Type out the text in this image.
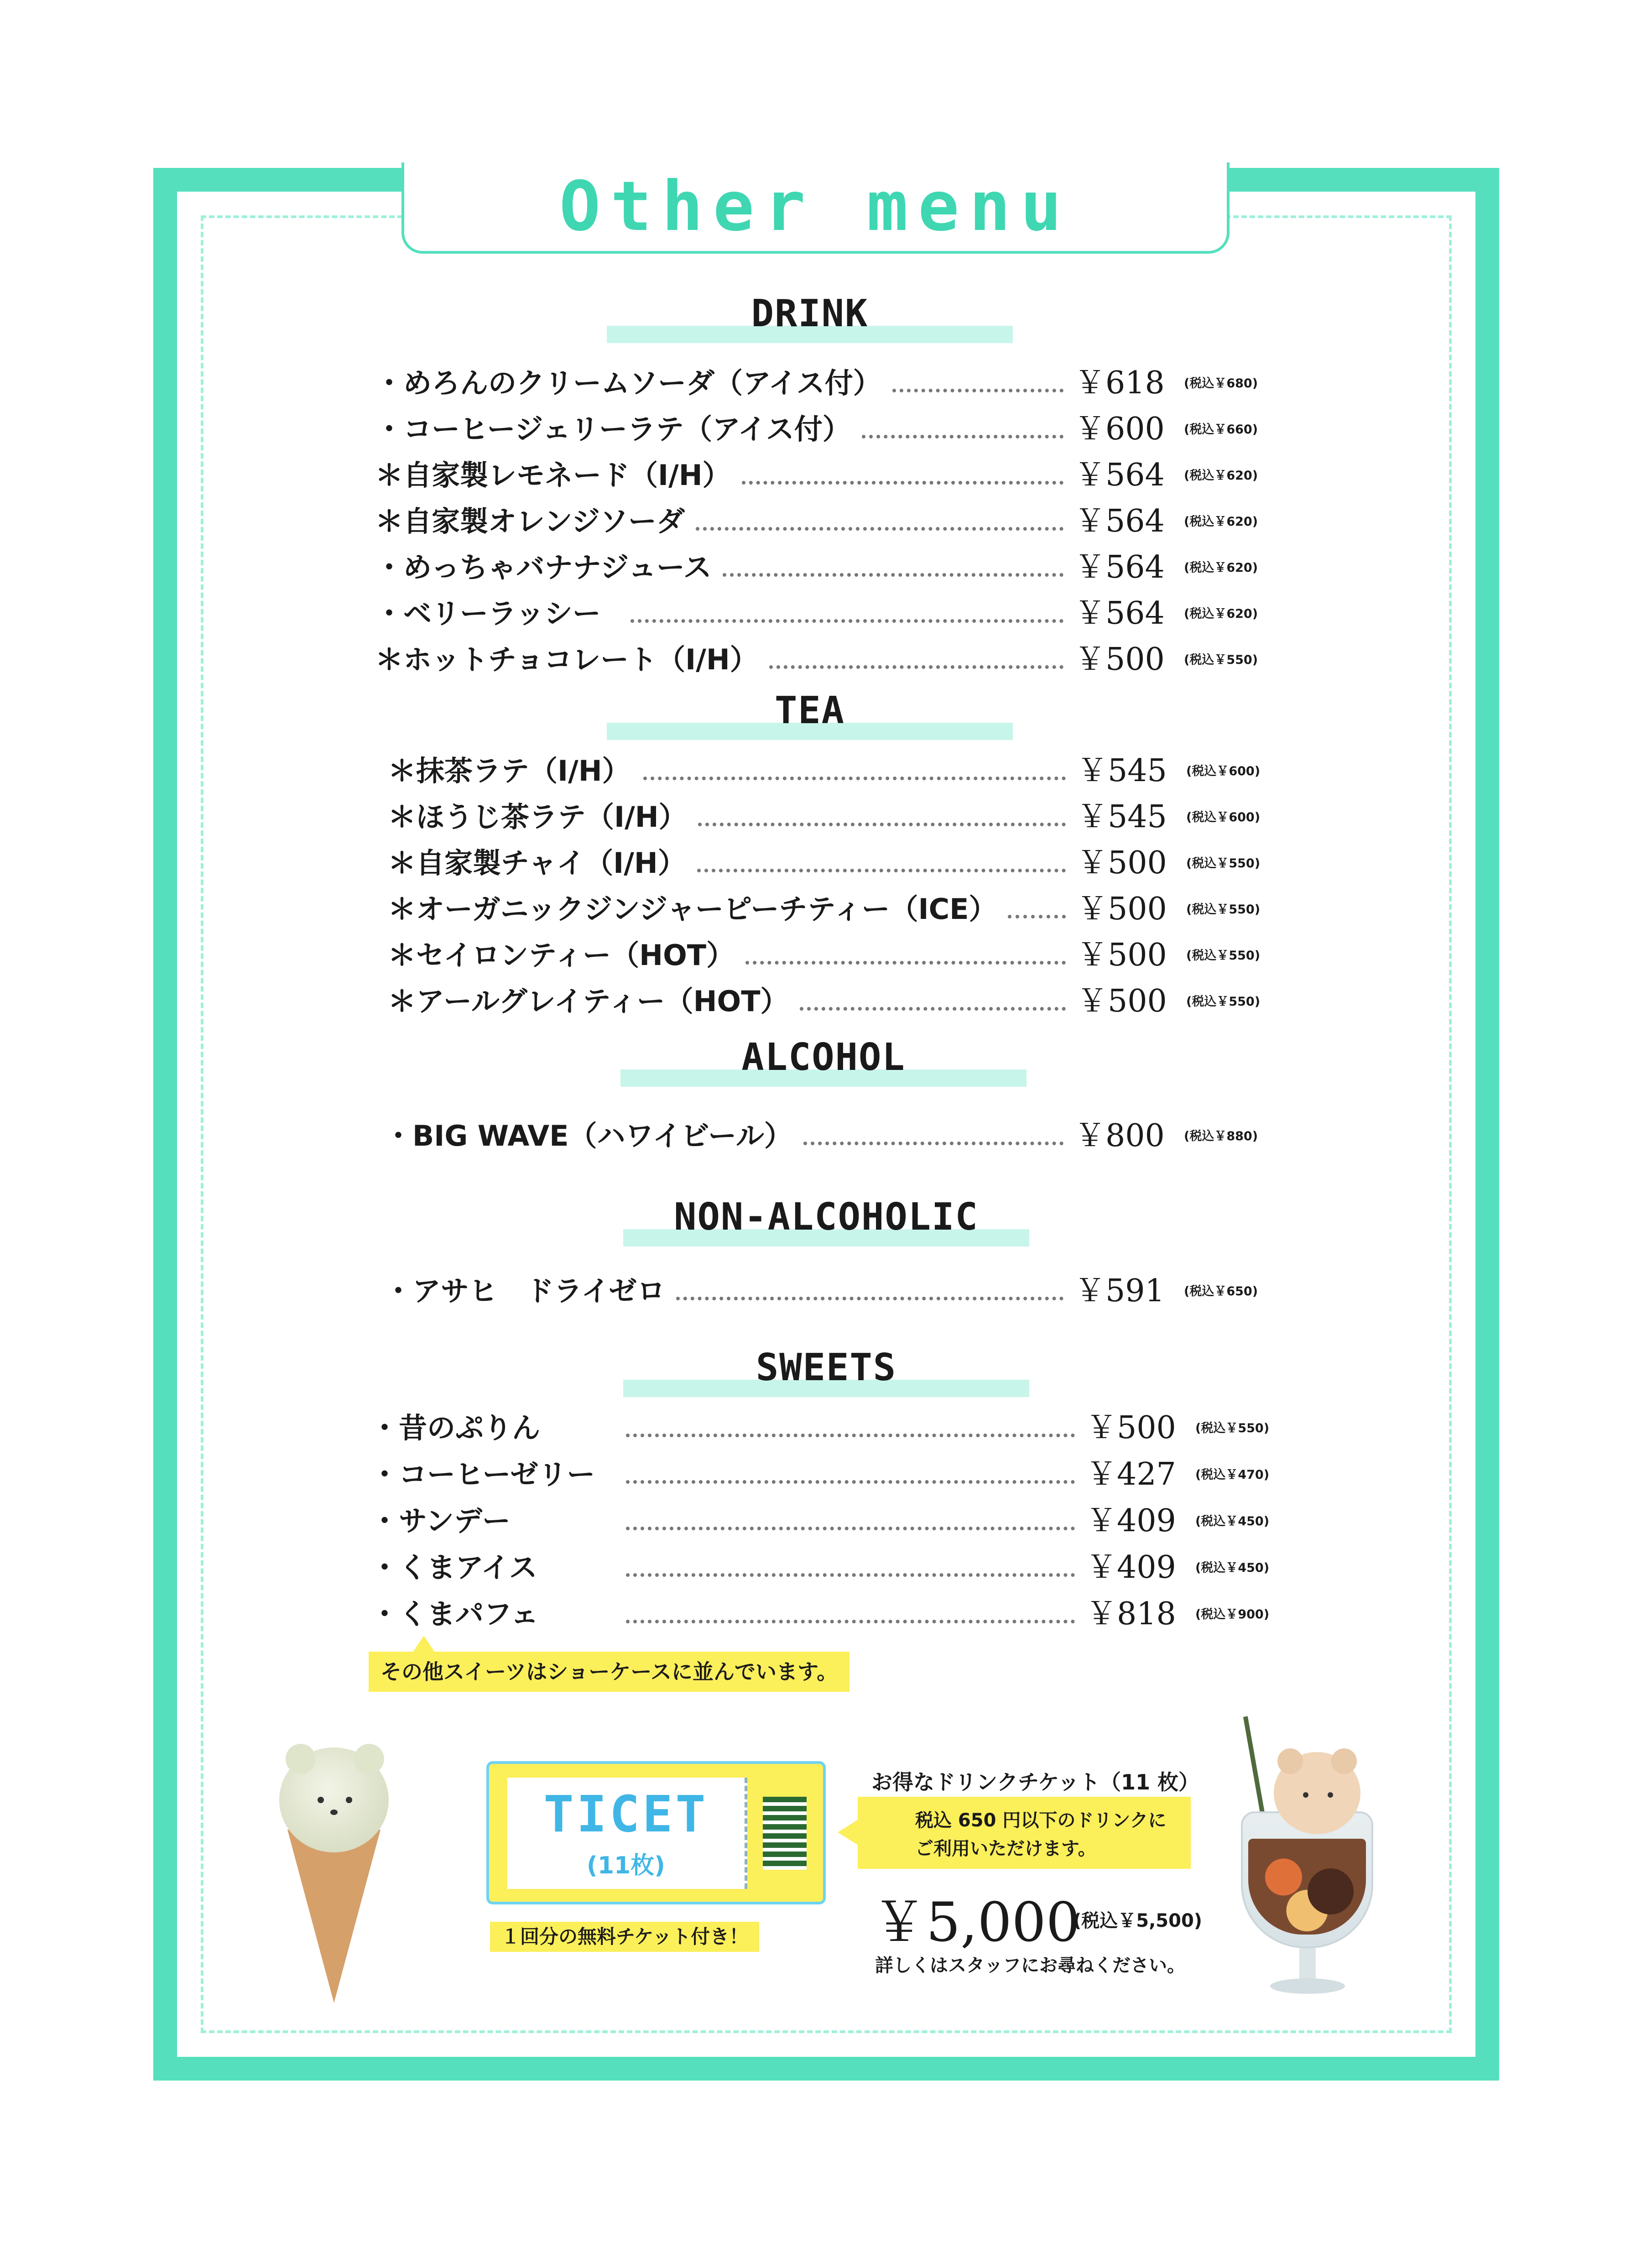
Other menu
DRINK
・めろんのクリームソーダ（アイス付）	￥618 (税込￥680)
・コーヒージェリーラテ（アイス付）	￥600 (税込￥660)
＊自家製レモネード（I/H）	￥564 (税込￥620)
＊自家製オレンジソーダ	￥564 (税込￥620)
・めっちゃバナナジュース	￥564 (税込￥620)
・ベリーラッシー	￥564 (税込￥620)
＊ホットチョコレート（I/H）	￥500 (税込￥550)
TEA
＊抹茶ラテ（I/H）	￥545 (税込￥600)
＊ほうじ茶ラテ（I/H）	￥545 (税込￥600)
＊自家製チャイ（I/H）	￥500 (税込￥550)
＊オーガニックジンジャーピーチティー（ICE）	￥500 (税込￥550)
＊セイロンティー（HOT）	￥500 (税込￥550)
＊アールグレイティー（HOT）	￥500 (税込￥550)
ALCOHOL
・BIG WAVE（ハワイビール）	￥800 (税込￥880)
NON-ALCOHOLIC
・アサヒ　ドライゼロ	￥591 (税込￥650)
SWEETS
・昔のぷりん	￥500 (税込￥550)
・コーヒーゼリー	￥427 (税込￥470)
・サンデー	￥409 (税込￥450)
・くまアイス	￥409 (税込￥450)
・くまパフェ	￥818 (税込￥900)
その他スイーツはショーケースに並んでいます。
TICET
(11枚)
１回分の無料チケット付き！
お得なドリンクチケット（11 枚）
税込 650 円以下のドリンクに
ご利用いただけます。
￥5,000
(税込￥5,500)
詳しくはスタッフにお尋ねください。
